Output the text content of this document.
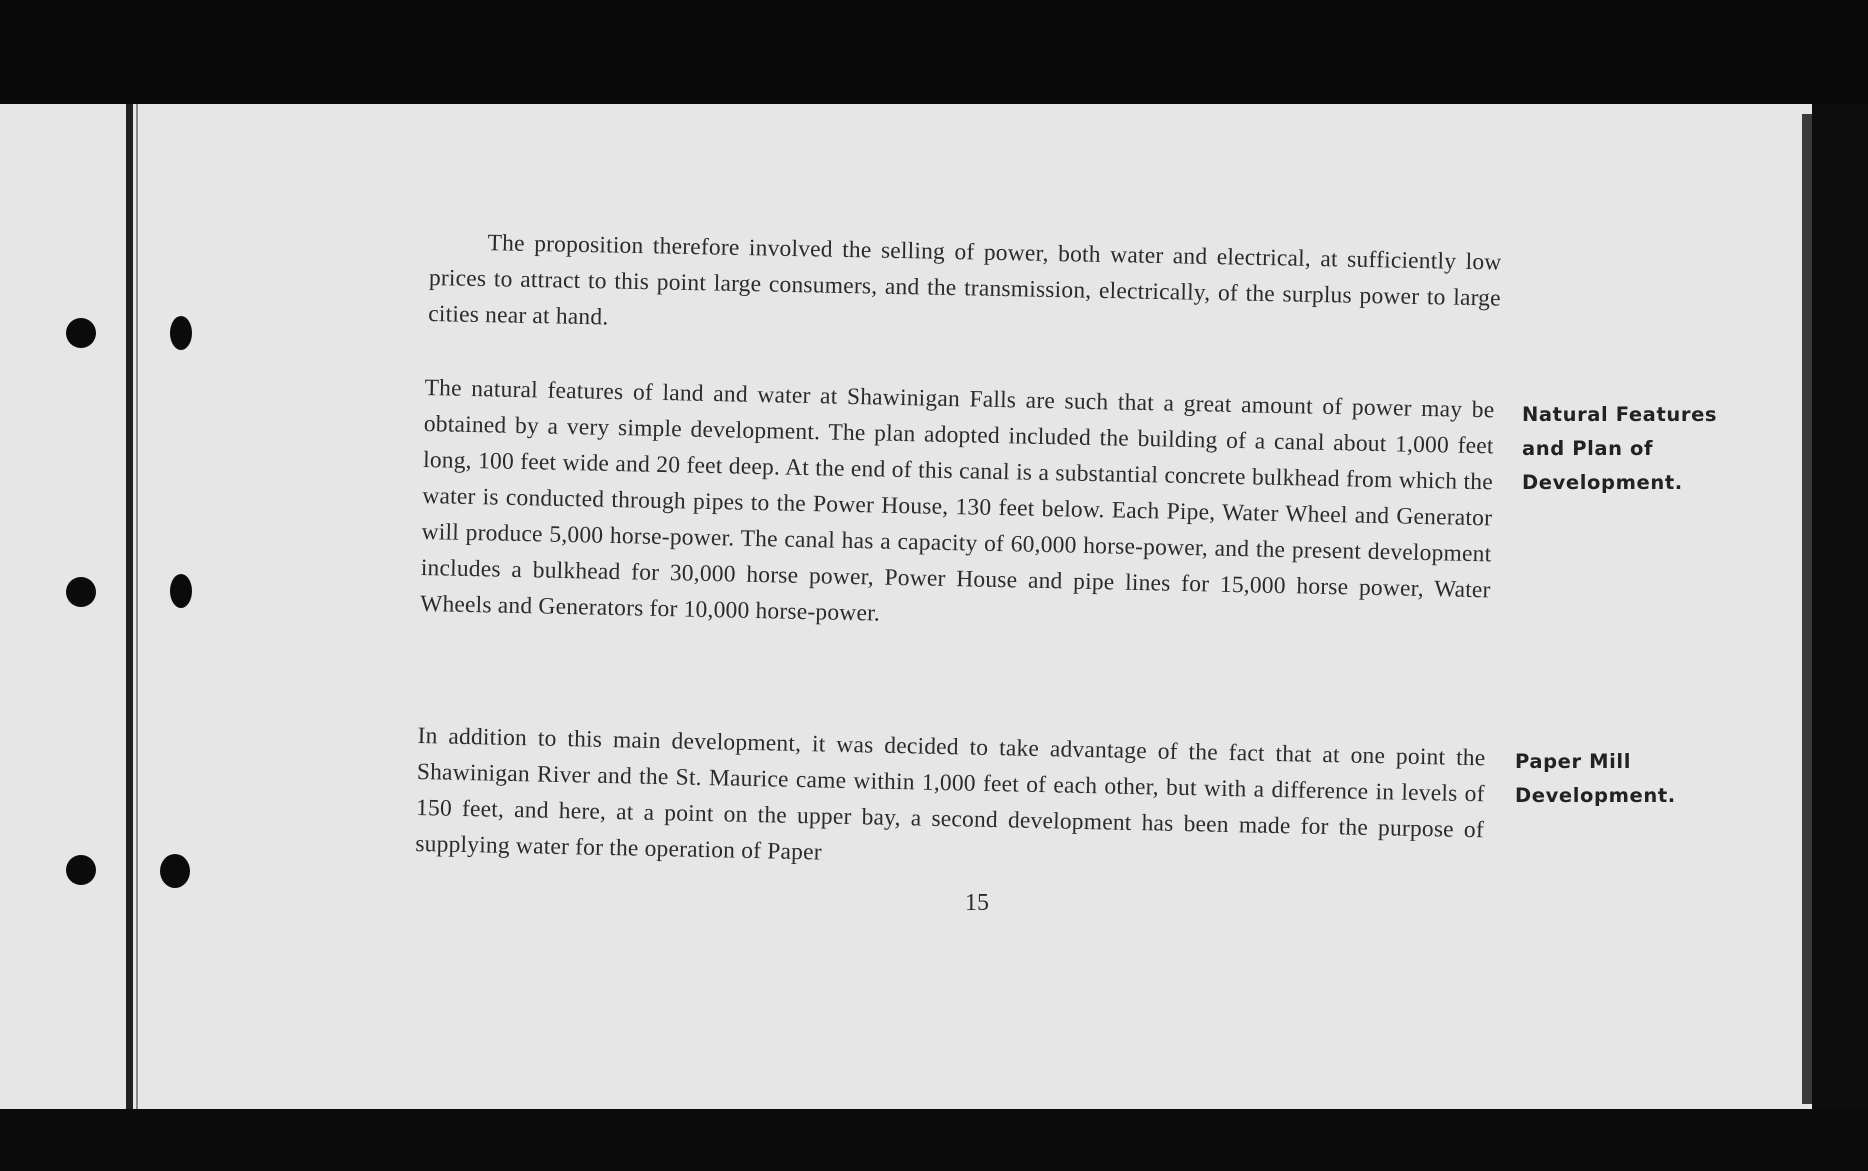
The proposition therefore involved the selling of power, both water and electrical, at sufficiently low prices to attract to this point large consumers, and the transmission, electrically, of the surplus power to large cities near at hand.

The natural features of land and water at Shawinigan Falls are such that a great amount of power may be obtained by a very simple development. The plan adopted included the building of a canal about 1,000 feet long, 100 feet wide and 20 feet deep. At the end of this canal is a substantial concrete bulkhead from which the water is conducted through pipes to the Power House, 130 feet below. Each Pipe, Water Wheel and Generator will produce 5,000 horse-power. The canal has a capacity of 60,000 horse-power, and the present development includes a bulkhead for 30,000 horse power, Power House and pipe lines for 15,000 horse power, Water Wheels and Generators for 10,000 horse-power.

In addition to this main development, it was decided to take advantage of the fact that at one point the Shawinigan River and the St. Maurice came within 1,000 feet of each other, but with a difference in levels of 150 feet, and here, at a point on the upper bay, a second development has been made for the purpose of supplying water for the operation of Paper

15
Natural Features
and Plan of
Development.
Paper Mill
Development.
